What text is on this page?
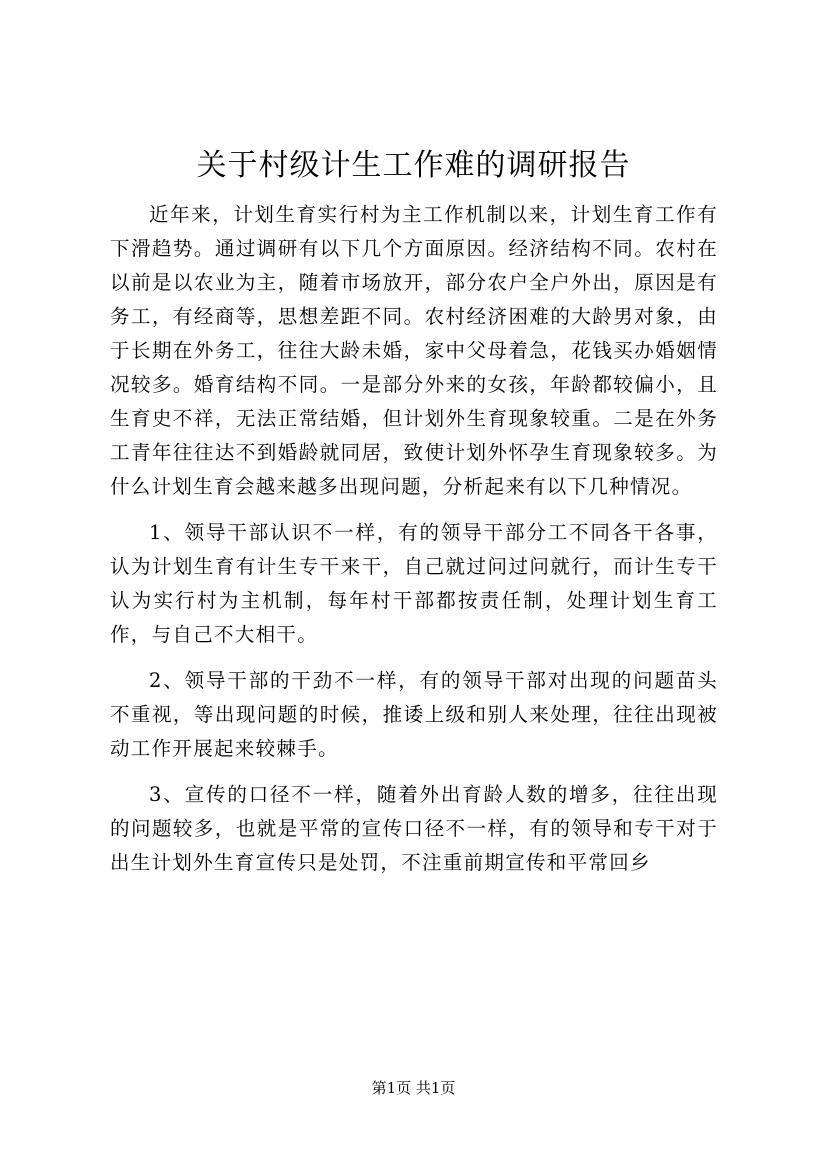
关于村级计生工作难的调研报告

近年来，计划生育实行村为主工作机制以来，计划生育工作有下滑趋势。通过调研有以下几个方面原因。经济结构不同。农村在以前是以农业为主，随着市场放开，部分农户全户外出，原因是有务工，有经商等，思想差距不同。农村经济困难的大龄男对象，由于长期在外务工，往往大龄未婚，家中父母着急，花钱买办婚姻情况较多。婚育结构不同。一是部分外来的女孩，年龄都较偏小，且生育史不祥，无法正常结婚，但计划外生育现象较重。二是在外务工青年往往达不到婚龄就同居，致使计划外怀孕生育现象较多。为什么计划生育会越来越多出现问题，分析起来有以下几种情况。

1、领导干部认识不一样，有的领导干部分工不同各干各事，认为计划生育有计生专干来干，自己就过问过问就行，而计生专干认为实行村为主机制，每年村干部都按责任制，处理计划生育工作，与自己不大相干。

2、领导干部的干劲不一样，有的领导干部对出现的问题苗头不重视，等出现问题的时候，推诿上级和别人来处理，往往出现被动工作开展起来较棘手。

3、宣传的口径不一样，随着外出育龄人数的增多，往往出现的问题较多，也就是平常的宣传口径不一样，有的领导和专干对于出生计划外生育宣传只是处罚，不注重前期宣传和平常回乡

第1页 共1页
